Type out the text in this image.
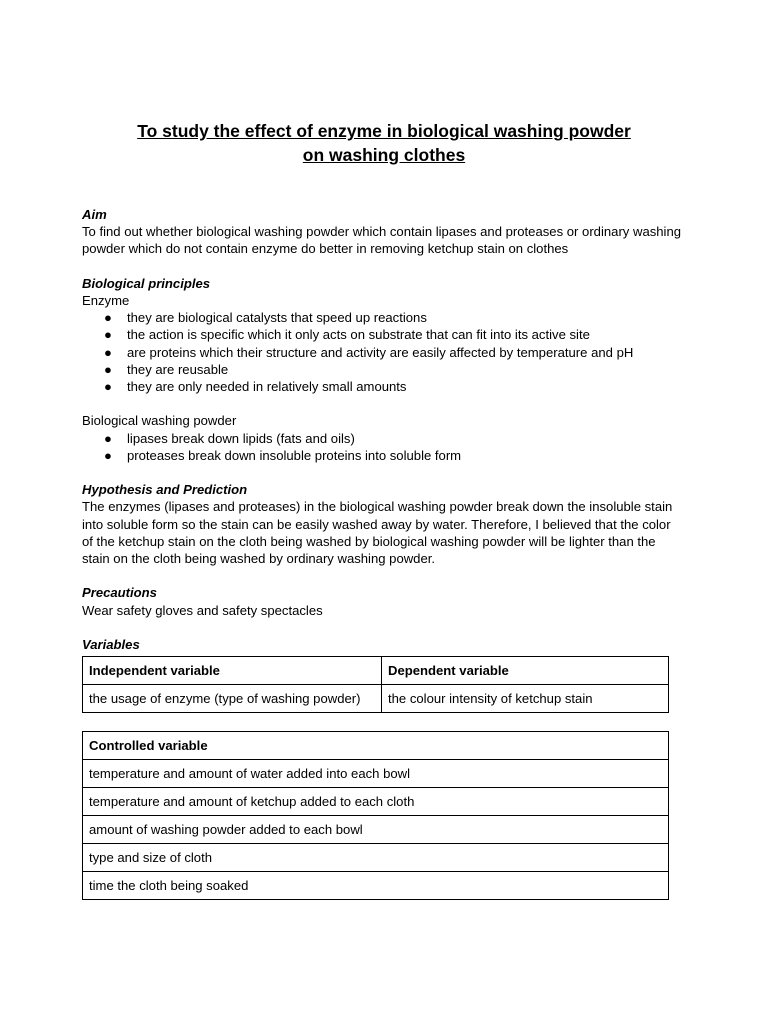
To study the effect of enzyme in biological washing powder
on washing clothes
Aim
To find out whether biological washing powder which contain lipases and proteases or ordinary washing powder which do not contain enzyme do better in removing ketchup stain on clothes
Biological principles
Enzyme
● they are biological catalysts that speed up reactions
● the action is specific which it only acts on substrate that can fit into its active site
● are proteins which their structure and activity are easily affected by temperature and pH
● they are reusable
● they are only needed in relatively small amounts
Biological washing powder
● lipases break down lipids (fats and oils)
● proteases break down insoluble proteins into soluble form
Hypothesis and Prediction
The enzymes (lipases and proteases) in the biological washing powder break down the insoluble stain into soluble form so the stain can be easily washed away by water. Therefore, I believed that the color of the ketchup stain on the cloth being washed by biological washing powder will be lighter than the stain on the cloth being washed by ordinary washing powder.
Precautions
Wear safety gloves and safety spectacles
Variables
Independent variable	Dependent variable
the usage of enzyme (type of washing powder)	the colour intensity of ketchup stain
Controlled variable
temperature and amount of water added into each bowl
temperature and amount of ketchup added to each cloth
amount of washing powder added to each bowl
type and size of cloth
time the cloth being soaked
